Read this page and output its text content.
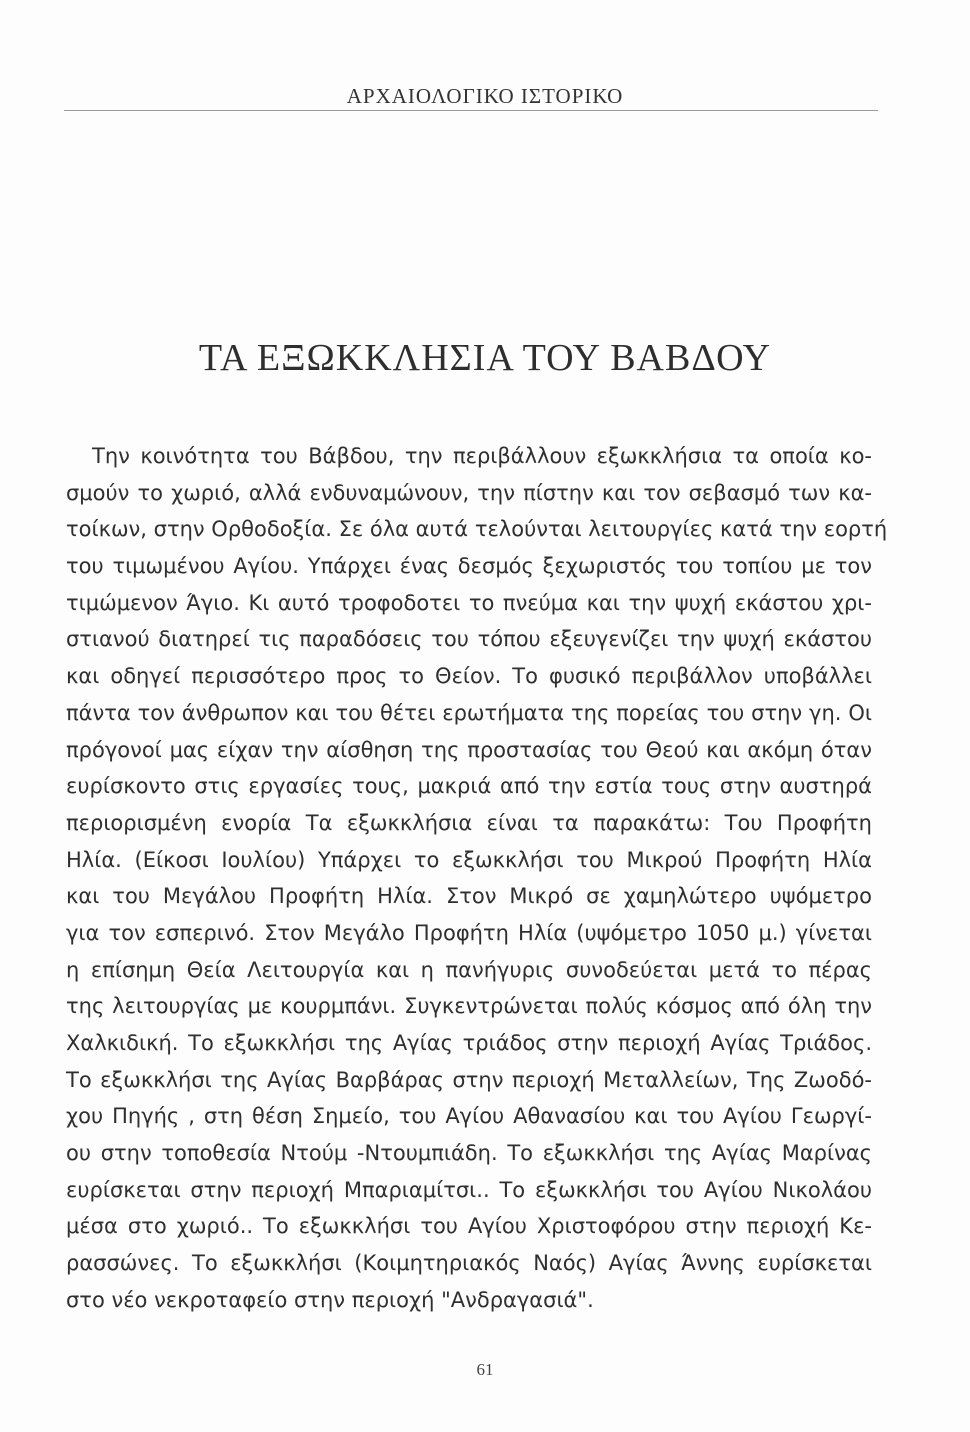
ΑΡΧΑΙΟΛΟΓΙΚΟ ΙΣΤΟΡΙΚΟ
ΤΑ ΕΞΩΚΚΛΗΣΙΑ ΤΟΥ ΒΑΒΔΟΥ
Την κοινότητα του Βάβδου, την περιβάλλουν εξωκκλήσια τα οποία κο-
σμούν το χωριό, αλλά ενδυναμώνουν, την πίστην και τον σεβασμό των κα-
τοίκων, στην Ορθοδοξία. Σε όλα αυτά τελούνται λειτουργίες κατά την εορτή
του τιμωμένου Αγίου. Υπάρχει ένας δεσμός ξεχωριστός του τοπίου με τον
τιμώμενον Άγιο. Κι αυτό τροφοδοτει το πνεύμα και την ψυχή εκάστου χρι-
στιανού διατηρεί τις παραδόσεις του τόπου εξευγενίζει την ψυχή εκάστου
και οδηγεί περισσότερο προς το Θείον. Το φυσικό περιβάλλον υποβάλλει
πάντα τον άνθρωπον και του θέτει ερωτήματα της πορείας του στην γη. Οι
πρόγονοί μας είχαν την αίσθηση της προστασίας του Θεού και ακόμη όταν
ευρίσκοντο στις εργασίες τους, μακριά από την εστία τους στην αυστηρά
περιορισμένη ενορία Τα εξωκκλήσια είναι τα παρακάτω: Του Προφήτη
Ηλία. (Είκοσι Ιουλίου) Υπάρχει το εξωκκλήσι του Μικρού Προφήτη Ηλία
και του Μεγάλου Προφήτη Ηλία. Στον Μικρό σε χαμηλώτερο υψόμετρο
για τον εσπερινό. Στον Μεγάλο Προφήτη Ηλία (υψόμετρο 1050 μ.) γίνεται
η επίσημη Θεία Λειτουργία και η πανήγυρις συνοδεύεται μετά το πέρας
της λειτουργίας με κουρμπάνι. Συγκεντρώνεται πολύς κόσμος από όλη την
Χαλκιδική. Το εξωκκλήσι της Αγίας τριάδος στην περιοχή Αγίας Τριάδος.
Το εξωκκλήσι της Αγίας Βαρβάρας στην περιοχή Μεταλλείων, Της Ζωοδό-
χου Πηγής , στη θέση Σημείο, του Αγίου Αθανασίου και του Αγίου Γεωργί-
ου στην τοποθεσία Ντούμ -Ντουμπιάδη. Το εξωκκλήσι της Αγίας Μαρίνας
ευρίσκεται στην περιοχή Μπαριαμίτσι.. Το εξωκκλήσι του Αγίου Νικολάου
μέσα στο χωριό.. Το εξωκκλήσι του Αγίου Χριστοφόρου στην περιοχή Κε-
ρασσώνες. Το εξωκκλήσι (Κοιμητηριακός Ναός) Αγίας Άννης ευρίσκεται
στο νέο νεκροταφείο στην περιοχή "Ανδραγασιά".
61
